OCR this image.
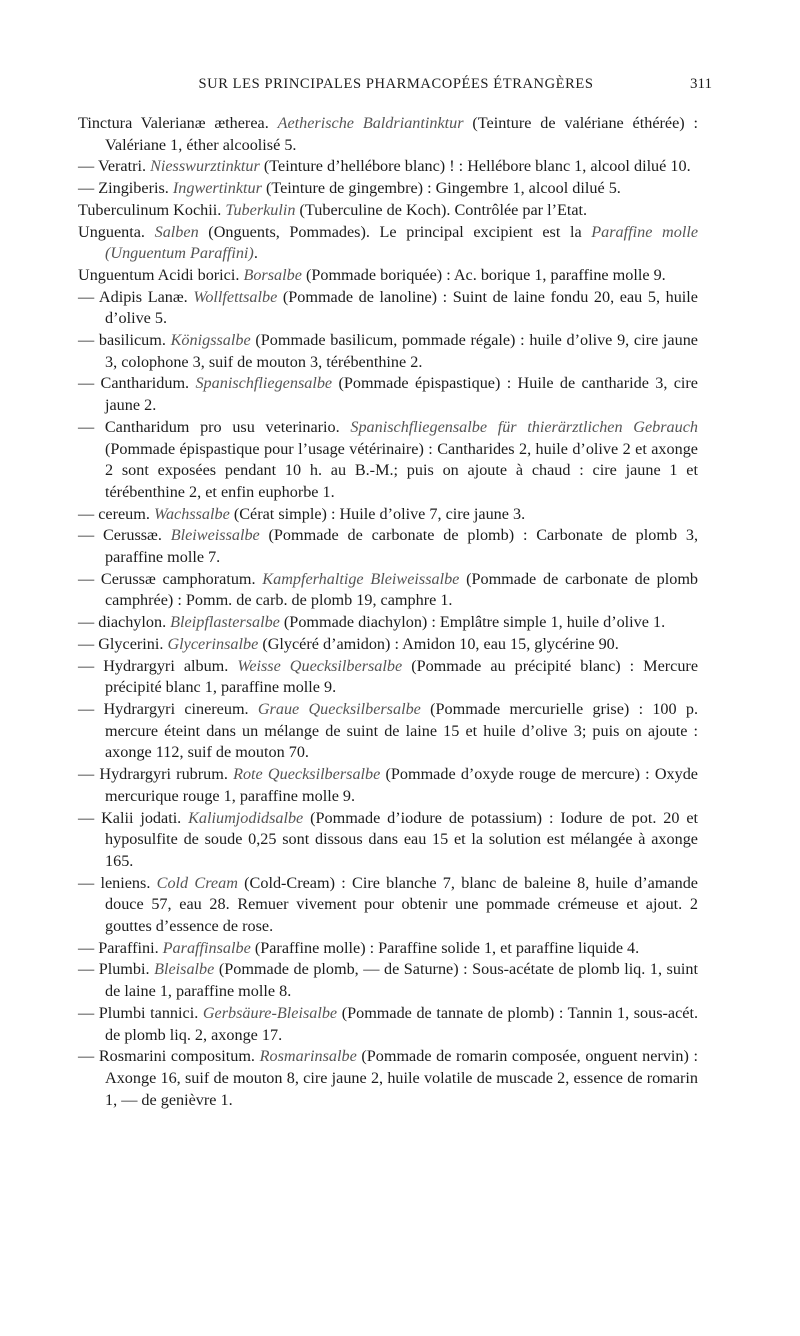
SUR LES PRINCIPALES PHARMACOPÉES ÉTRANGÈRES	311

Tinctura Valerianæ ætherea. Aetherische Baldriantinktur (Teinture de valériane éthérée) : Valériane 1, éther alcoolisé 5.

— Veratri. Niesswurztinktur (Teinture d’hellébore blanc) ! : Hellébore blanc 1, alcool dilué 10.

— Zingiberis. Ingwertinktur (Teinture de gingembre) : Gingembre 1, alcool dilué 5.

Tuberculinum Kochii. Tuberkulin (Tuberculine de Koch). Contrôlée par l’Etat.

Unguenta. Salben (Onguents, Pommades). Le principal excipient est la Paraffine molle (Unguentum Paraffini).

Unguentum Acidi borici. Borsalbe (Pommade boriquée) : Ac. borique 1, paraffine molle 9.

— Adipis Lanæ. Wollfettsalbe (Pommade de lanoline) : Suint de laine fondu 20, eau 5, huile d’olive 5.

— basilicum. Königssalbe (Pommade basilicum, pommade régale) : huile d’olive 9, cire jaune 3, colophone 3, suif de mouton 3, térébenthine 2.

— Cantharidum. Spanischfliegensalbe (Pommade épispastique) : Huile de cantharide 3, cire jaune 2.

— Cantharidum pro usu veterinario. Spanischfliegensalbe für thierärztlichen Gebrauch (Pommade épispastique pour l’usage vétérinaire) : Cantharides 2, huile d’olive 2 et axonge 2 sont exposées pendant 10 h. au B.-M.; puis on ajoute à chaud : cire jaune 1 et térébenthine 2, et enfin euphorbe 1.

— cereum. Wachssalbe (Cérat simple) : Huile d’olive 7, cire jaune 3.

— Cerussæ. Bleiweissalbe (Pommade de carbonate de plomb) : Carbonate de plomb 3, paraffine molle 7.

— Cerussæ camphoratum. Kampferhaltige Bleiweissalbe (Pommade de carbonate de plomb camphrée) : Pomm. de carb. de plomb 19, camphre 1.

— diachylon. Bleipflastersalbe (Pommade diachylon) : Emplâtre simple 1, huile d’olive 1.

— Glycerini. Glycerinsalbe (Glycéré d’amidon) : Amidon 10, eau 15, glycérine 90.

— Hydrargyri album. Weisse Quecksilbersalbe (Pommade au précipité blanc) : Mercure précipité blanc 1, paraffine molle 9.

— Hydrargyri cinereum. Graue Quecksilbersalbe (Pommade mercurielle grise) : 100 p. mercure éteint dans un mélange de suint de laine 15 et huile d’olive 3; puis on ajoute : axonge 112, suif de mouton 70.

— Hydrargyri rubrum. Rote Quecksilbersalbe (Pommade d’oxyde rouge de mercure) : Oxyde mercurique rouge 1, paraffine molle 9.

— Kalii jodati. Kaliumjodidsalbe (Pommade d’iodure de potassium) : Iodure de pot. 20 et hyposulfite de soude 0,25 sont dissous dans eau 15 et la solution est mélangée à axonge 165.

— leniens. Cold Cream (Cold-Cream) : Cire blanche 7, blanc de baleine 8, huile d’amande douce 57, eau 28. Remuer vivement pour obtenir une pommade crémeuse et ajout. 2 gouttes d’essence de rose.

— Paraffini. Paraffinsalbe (Paraffine molle) : Paraffine solide 1, et paraffine liquide 4.

— Plumbi. Bleisalbe (Pommade de plomb, — de Saturne) : Sous-acétate de plomb liq. 1, suint de laine 1, paraffine molle 8.

— Plumbi tannici. Gerbsäure-Bleisalbe (Pommade de tannate de plomb) : Tannin 1, sous-acét. de plomb liq. 2, axonge 17.

— Rosmarini compositum. Rosmarinsalbe (Pommade de romarin composée, onguent nervin) : Axonge 16, suif de mouton 8, cire jaune 2, huile volatile de muscade 2, essence de romarin 1, — de genièvre 1.
